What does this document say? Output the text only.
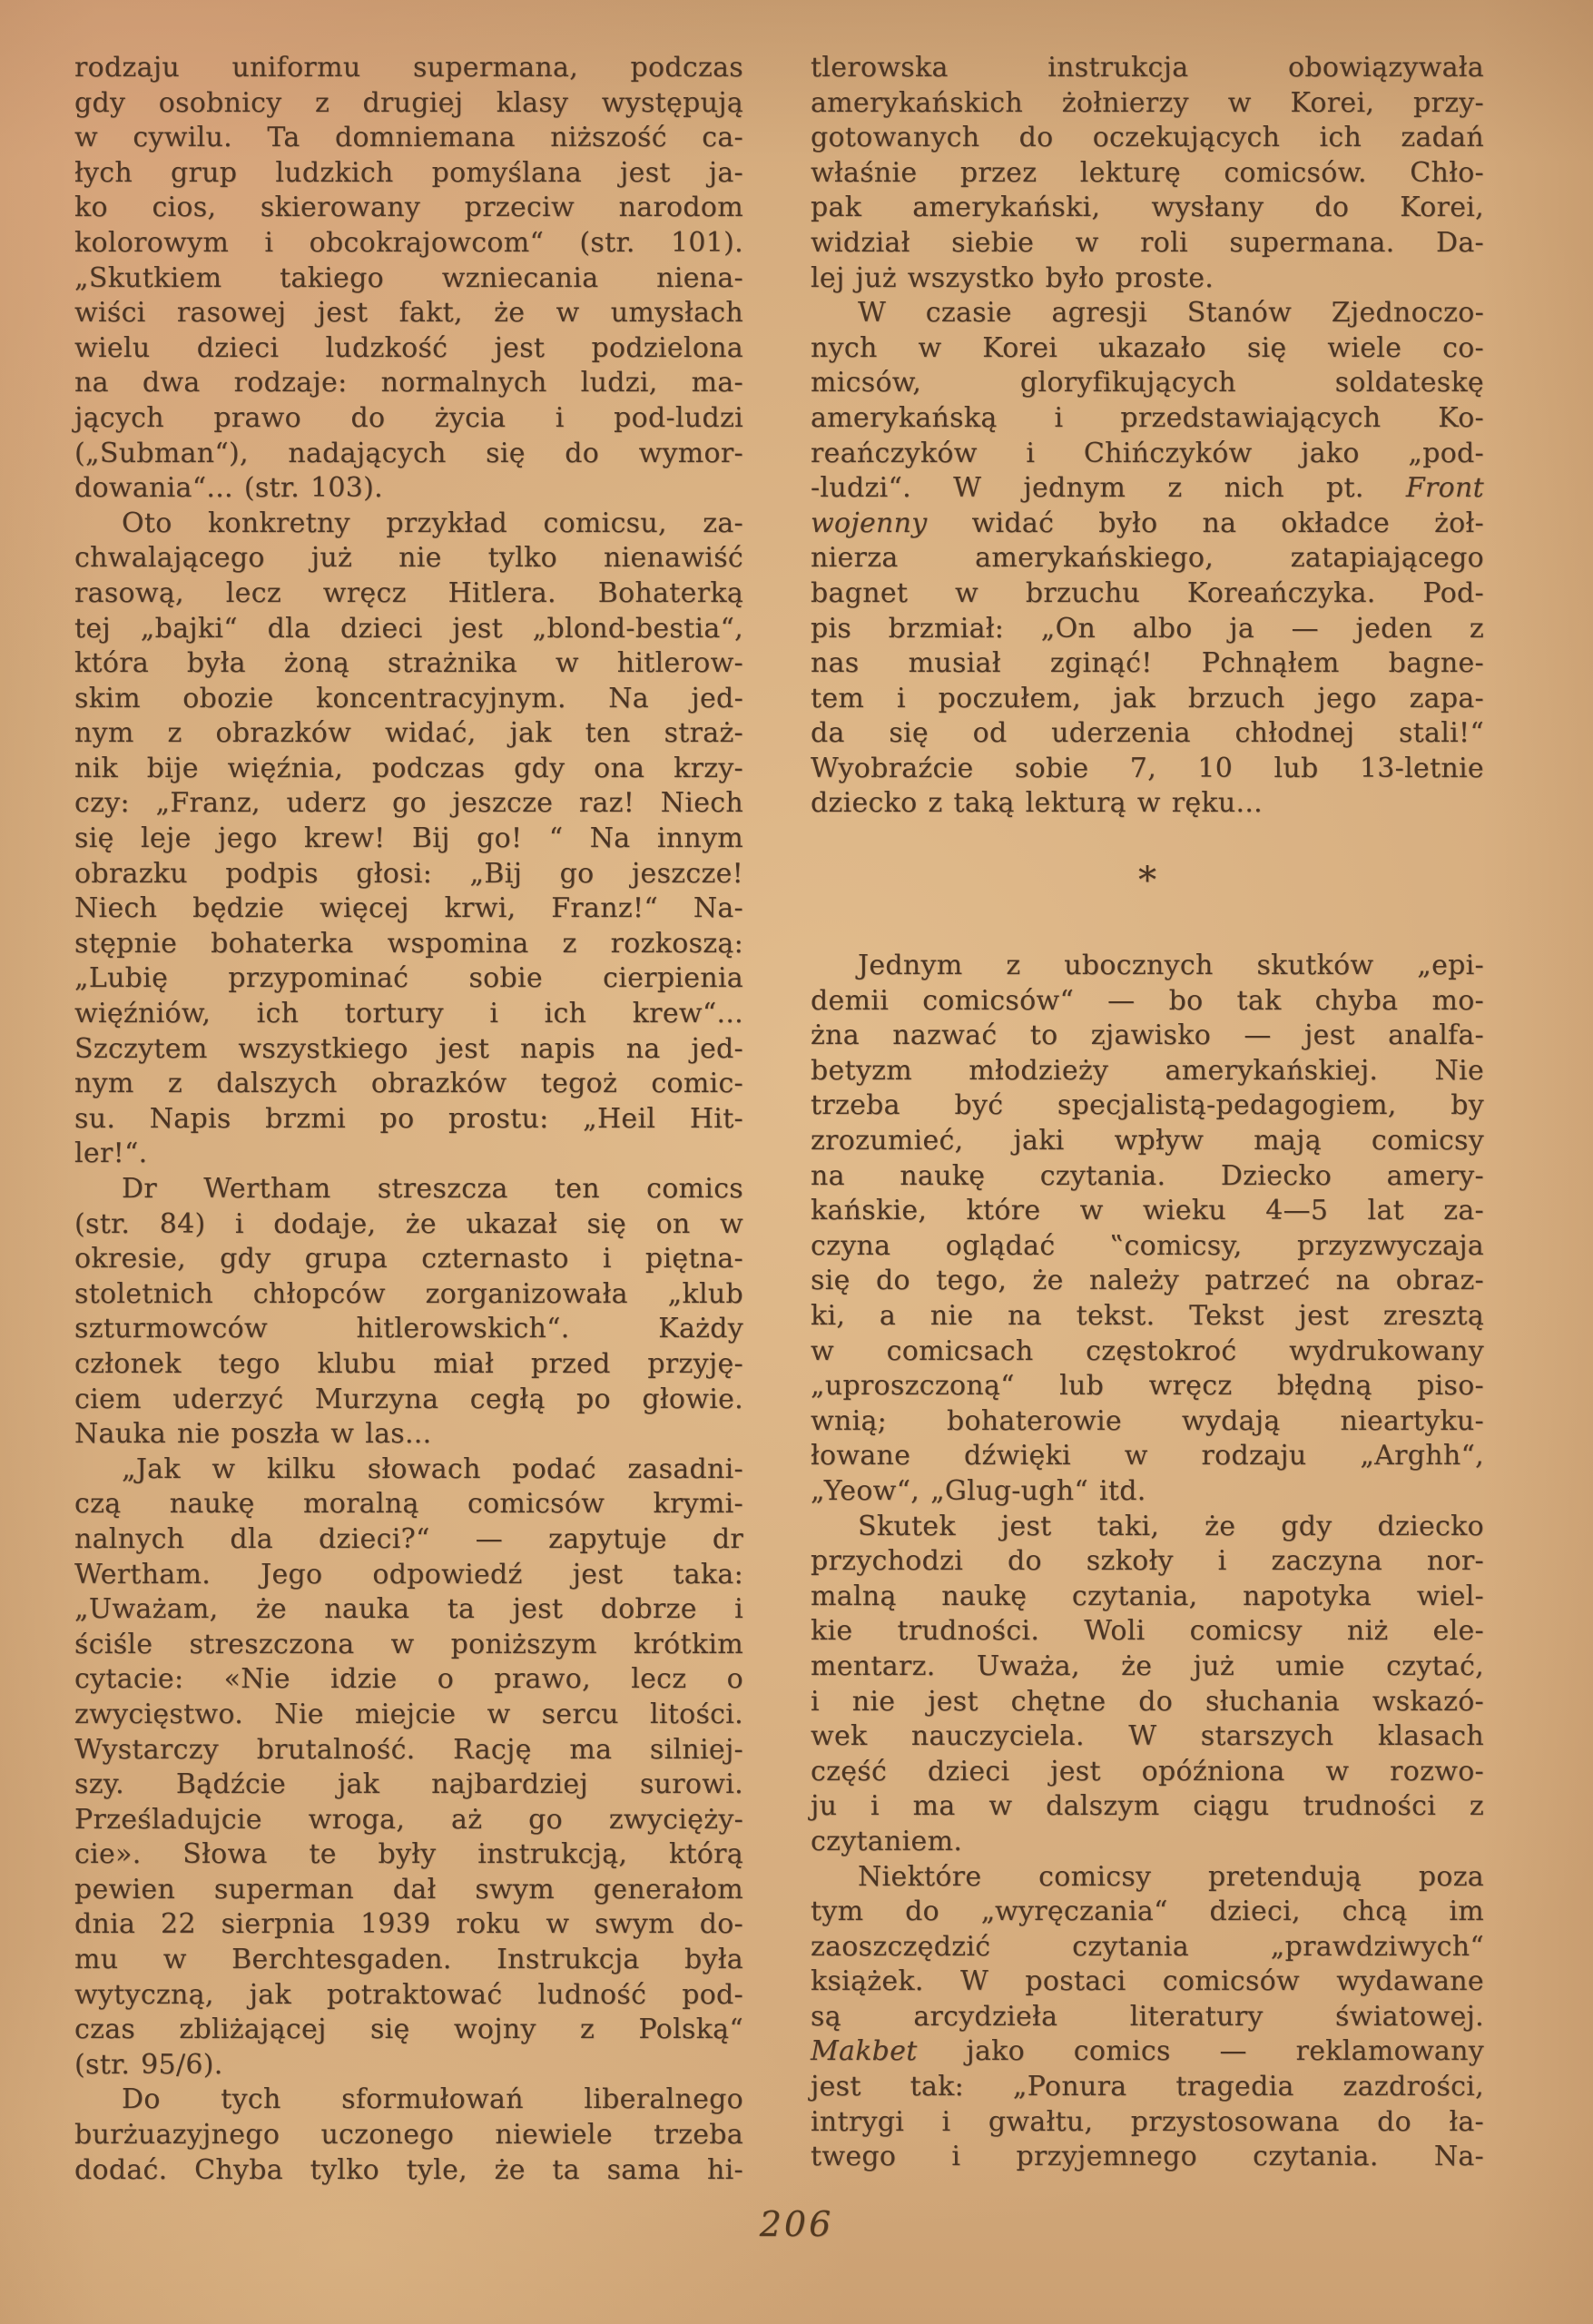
rodzaju uniformu supermana, podczas
gdy osobnicy z drugiej klasy występują
w cywilu. Ta domniemana niższość ca-
łych grup ludzkich pomyślana jest ja-
ko cios, skierowany przeciw narodom
kolorowym i obcokrajowcom“ (str. 101).
„Skutkiem takiego wzniecania niena-
wiści rasowej jest fakt, że w umysłach
wielu dzieci ludzkość jest podzielona
na dwa rodzaje: normalnych ludzi, ma-
jących prawo do życia i pod-ludzi
(„Subman“), nadających się do wymor-
dowania“... (str. 103).
Oto konkretny przykład comicsu, za-
chwalającego już nie tylko nienawiść
rasową, lecz wręcz Hitlera. Bohaterką
tej „bajki“ dla dzieci jest „blond-bestia“,
która była żoną strażnika w hitlerow-
skim obozie koncentracyjnym. Na jed-
nym z obrazków widać, jak ten straż-
nik bije więźnia, podczas gdy ona krzy-
czy: „Franz, uderz go jeszcze raz! Niech
się leje jego krew! Bij go! “ Na innym
obrazku podpis głosi: „Bij go jeszcze!
Niech będzie więcej krwi, Franz!“ Na-
stępnie bohaterka wspomina z rozkoszą:
„Lubię przypominać sobie cierpienia
więźniów, ich tortury i ich krew“...
Szczytem wszystkiego jest napis na jed-
nym z dalszych obrazków tegoż comic-
su. Napis brzmi po prostu: „Heil Hit-
ler!“.
Dr Wertham streszcza ten comics
(str. 84) i dodaje, że ukazał się on w
okresie, gdy grupa czternasto i piętna-
stoletnich chłopców zorganizowała „klub
szturmowców hitlerowskich“. Każdy
członek tego klubu miał przed przyję-
ciem uderzyć Murzyna cegłą po głowie.
Nauka nie poszła w las...
„Jak w kilku słowach podać zasadni-
czą naukę moralną comicsów krymi-
nalnych dla dzieci?“ — zapytuje dr
Wertham. Jego odpowiedź jest taka:
„Uważam, że nauka ta jest dobrze i
ściśle streszczona w poniższym krótkim
cytacie: «Nie idzie o prawo, lecz o
zwycięstwo. Nie miejcie w sercu litości.
Wystarczy brutalność. Rację ma silniej-
szy. Bądźcie jak najbardziej surowi.
Prześladujcie wroga, aż go zwycięży-
cie». Słowa te były instrukcją, którą
pewien superman dał swym generałom
dnia 22 sierpnia 1939 roku w swym do-
mu w Berchtesgaden. Instrukcja była
wytyczną, jak potraktować ludność pod-
czas zbliżającej się wojny z Polską“
(str. 95/6).
Do tych sformułowań liberalnego
burżuazyjnego uczonego niewiele trzeba
dodać. Chyba tylko tyle, że ta sama hi-
tlerowska instrukcja obowiązywała
amerykańskich żołnierzy w Korei, przy-
gotowanych do oczekujących ich zadań
właśnie przez lekturę comicsów. Chło-
pak amerykański, wysłany do Korei,
widział siebie w roli supermana. Da-
lej już wszystko było proste.
W czasie agresji Stanów Zjednoczo-
nych w Korei ukazało się wiele co-
micsów, gloryfikujących soldateskę
amerykańską i przedstawiających Ko-
reańczyków i Chińczyków jako „pod-
-ludzi“. W jednym z nich pt. Front
wojenny widać było na okładce żoł-
nierza amerykańskiego, zatapiającego
bagnet w brzuchu Koreańczyka. Pod-
pis brzmiał: „On albo ja — jeden z
nas musiał zginąć! Pchnąłem bagne-
tem i poczułem, jak brzuch jego zapa-
da się od uderzenia chłodnej stali!“
Wyobraźcie sobie 7, 10 lub 13-letnie
dziecko z taką lekturą w ręku...
*
Jednym z ubocznych skutków „epi-
demii comicsów“ — bo tak chyba mo-
żna nazwać to zjawisko — jest analfa-
betyzm młodzieży amerykańskiej. Nie
trzeba być specjalistą-pedagogiem, by
zrozumieć, jaki wpływ mają comicsy
na naukę czytania. Dziecko amery-
kańskie, które w wieku 4—5 lat za-
czyna oglądać ‟comicsy, przyzwyczaja
się do tego, że należy patrzeć na obraz-
ki, a nie na tekst. Tekst jest zresztą
w comicsach częstokroć wydrukowany
„uproszczoną“ lub wręcz błędną piso-
wnią; bohaterowie wydają nieartyku-
łowane dźwięki w rodzaju „Arghh“,
„Yeow“, „Glug-ugh“ itd.
Skutek jest taki, że gdy dziecko
przychodzi do szkoły i zaczyna nor-
malną naukę czytania, napotyka wiel-
kie trudności. Woli comicsy niż ele-
mentarz. Uważa, że już umie czytać,
i nie jest chętne do słuchania wskazó-
wek nauczyciela. W starszych klasach
część dzieci jest opóźniona w rozwo-
ju i ma w dalszym ciągu trudności z
czytaniem.
Niektóre comicsy pretendują poza
tym do „wyręczania“ dzieci, chcą im
zaoszczędzić czytania „prawdziwych“
książek. W postaci comicsów wydawane
są arcydzieła literatury światowej.
Makbet jako comics — reklamowany
jest tak: „Ponura tragedia zazdrości,
intrygi i gwałtu, przystosowana do ła-
twego i przyjemnego czytania. Na-
206
